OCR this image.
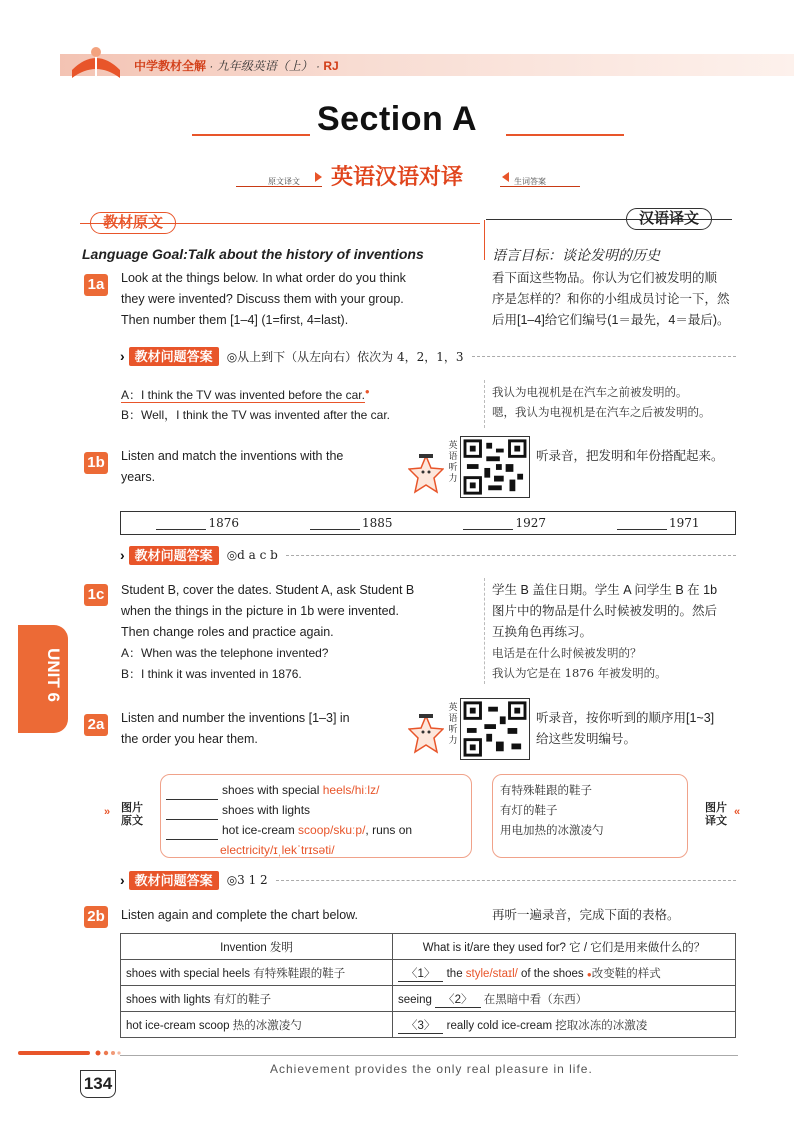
中学教材全解 · 九年级英语（上） · RJ
Section A
原文译文	英语汉语对译	生词答案
教材原文	汉语译文
Language Goal:Talk about the history of inventions	语言目标：谈论发明的历史
1a Look at the things below. In what order do you think
they were invented? Discuss them with your group.
Then number them [1–4] (1=first, 4=last).
看下面这些物品。你认为它们被发明的顺
序是怎样的？和你的小组成员讨论一下，然
后用[1–4]给它们编号(1＝最先，4＝最后)。
› 教材问题答案	◎从上到下（从左向右）依次为 4，2，1，3
A：I think the TV was invented before the car.●
B：Well，I think the TV was invented after the car.
我认为电视机是在汽车之前被发明的。
嗯，我认为电视机是在汽车之后被发明的。
1b Listen and match the inventions with the
years.
英语听力
听录音，把发明和年份搭配起来。
1876	1885	1927	1971
› 教材问题答案	◎d a c b
1c Student B, cover the dates. Student A, ask Student B
when the things in the picture in 1b were invented.
Then change roles and practice again.
A：When was the telephone invented?
B：I think it was invented in 1876.
学生 B 盖住日期。学生 A 问学生 B 在 1b
图片中的物品是什么时候被发明的。然后
互换角色再练习。
电话是在什么时候被发明的？
我认为它是在 1876 年被发明的。
UNIT 6
2a Listen and number the inventions [1–3] in
the order you hear them.
英语听力
听录音，按你听到的顺序用[1~3]
给这些发明编号。
图片原文
»	图片译文
«
shoes with special heels/hiːlz/
shoes with lights
hot ice-cream scoop/skuːp/, runs on
electricity/ɪˌlekˈtrɪsəti/
有特殊鞋跟的鞋子
有灯的鞋子
用电加热的冰激凌勺
› 教材问题答案	◎3 1 2
2b Listen again and complete the chart below.	再听一遍录音，完成下面的表格。
Invention 发明	What is it/are they used for? 它 / 它们是用来做什么的？
shoes with special heels 有特殊鞋跟的鞋子	〈1〉 the style/staɪl/ of the shoes ●改变鞋的样式
shoes with lights 有灯的鞋子	seeing 〈2〉 在黑暗中看（东西）
hot ice-cream scoop 热的冰激凌勺	〈3〉 really cold ice-cream 挖取冰冻的冰激凌
134
Achievement provides the only real pleasure in life.
